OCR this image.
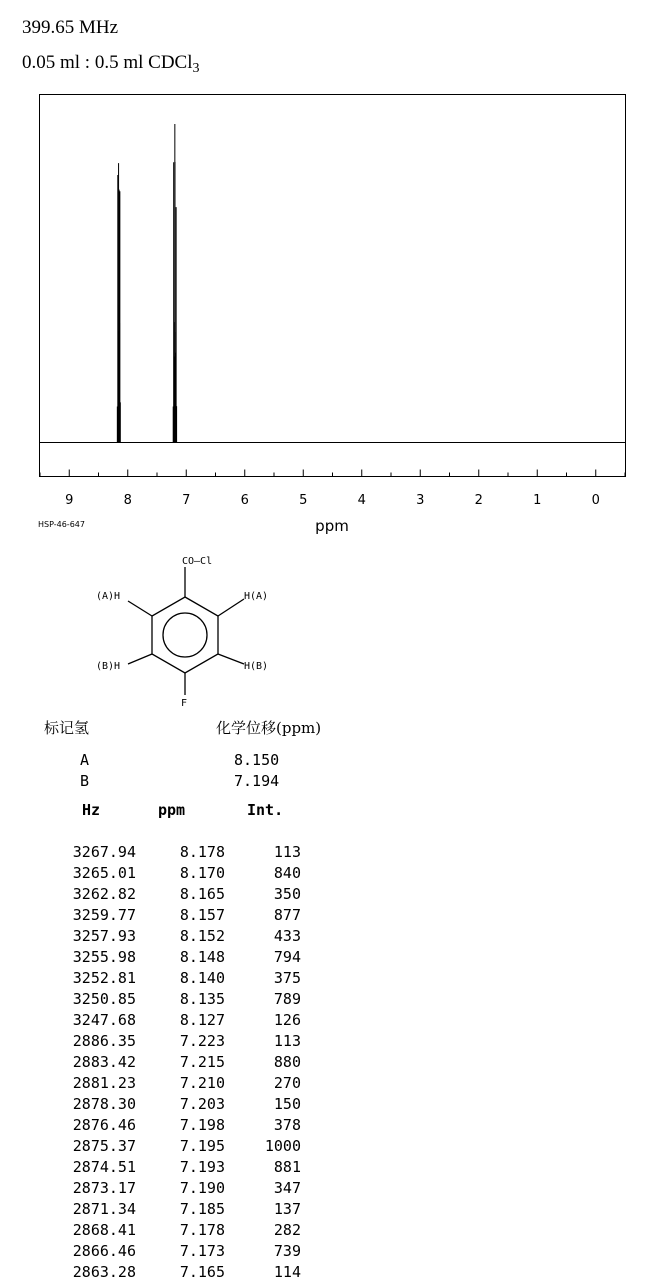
399.65 MHz
0.05 ml : 0.5 ml CDCl$_3$
9	8	7	6	5	4	3	2	1	0
ppm
CO—Cl
F
(A)H	H(A)
(B)H	H(B)
HSP-46-647
标记氢	化学位移(ppm)
A	8.150
B	7.194
Hz	ppm	Int.
3267.94	8.178	113
3265.01	8.170	840
3262.82	8.165	350
3259.77	8.157	877
3257.93	8.152	433
3255.98	8.148	794
3252.81	8.140	375
3250.85	8.135	789
3247.68	8.127	126
2886.35	7.223	113
2883.42	7.215	880
2881.23	7.210	270
2878.30	7.203	150
2876.46	7.198	378
2875.37	7.195	1000
2874.51	7.193	881
2873.17	7.190	347
2871.34	7.185	137
2868.41	7.178	282
2866.46	7.173	739
2863.28	7.165	114
